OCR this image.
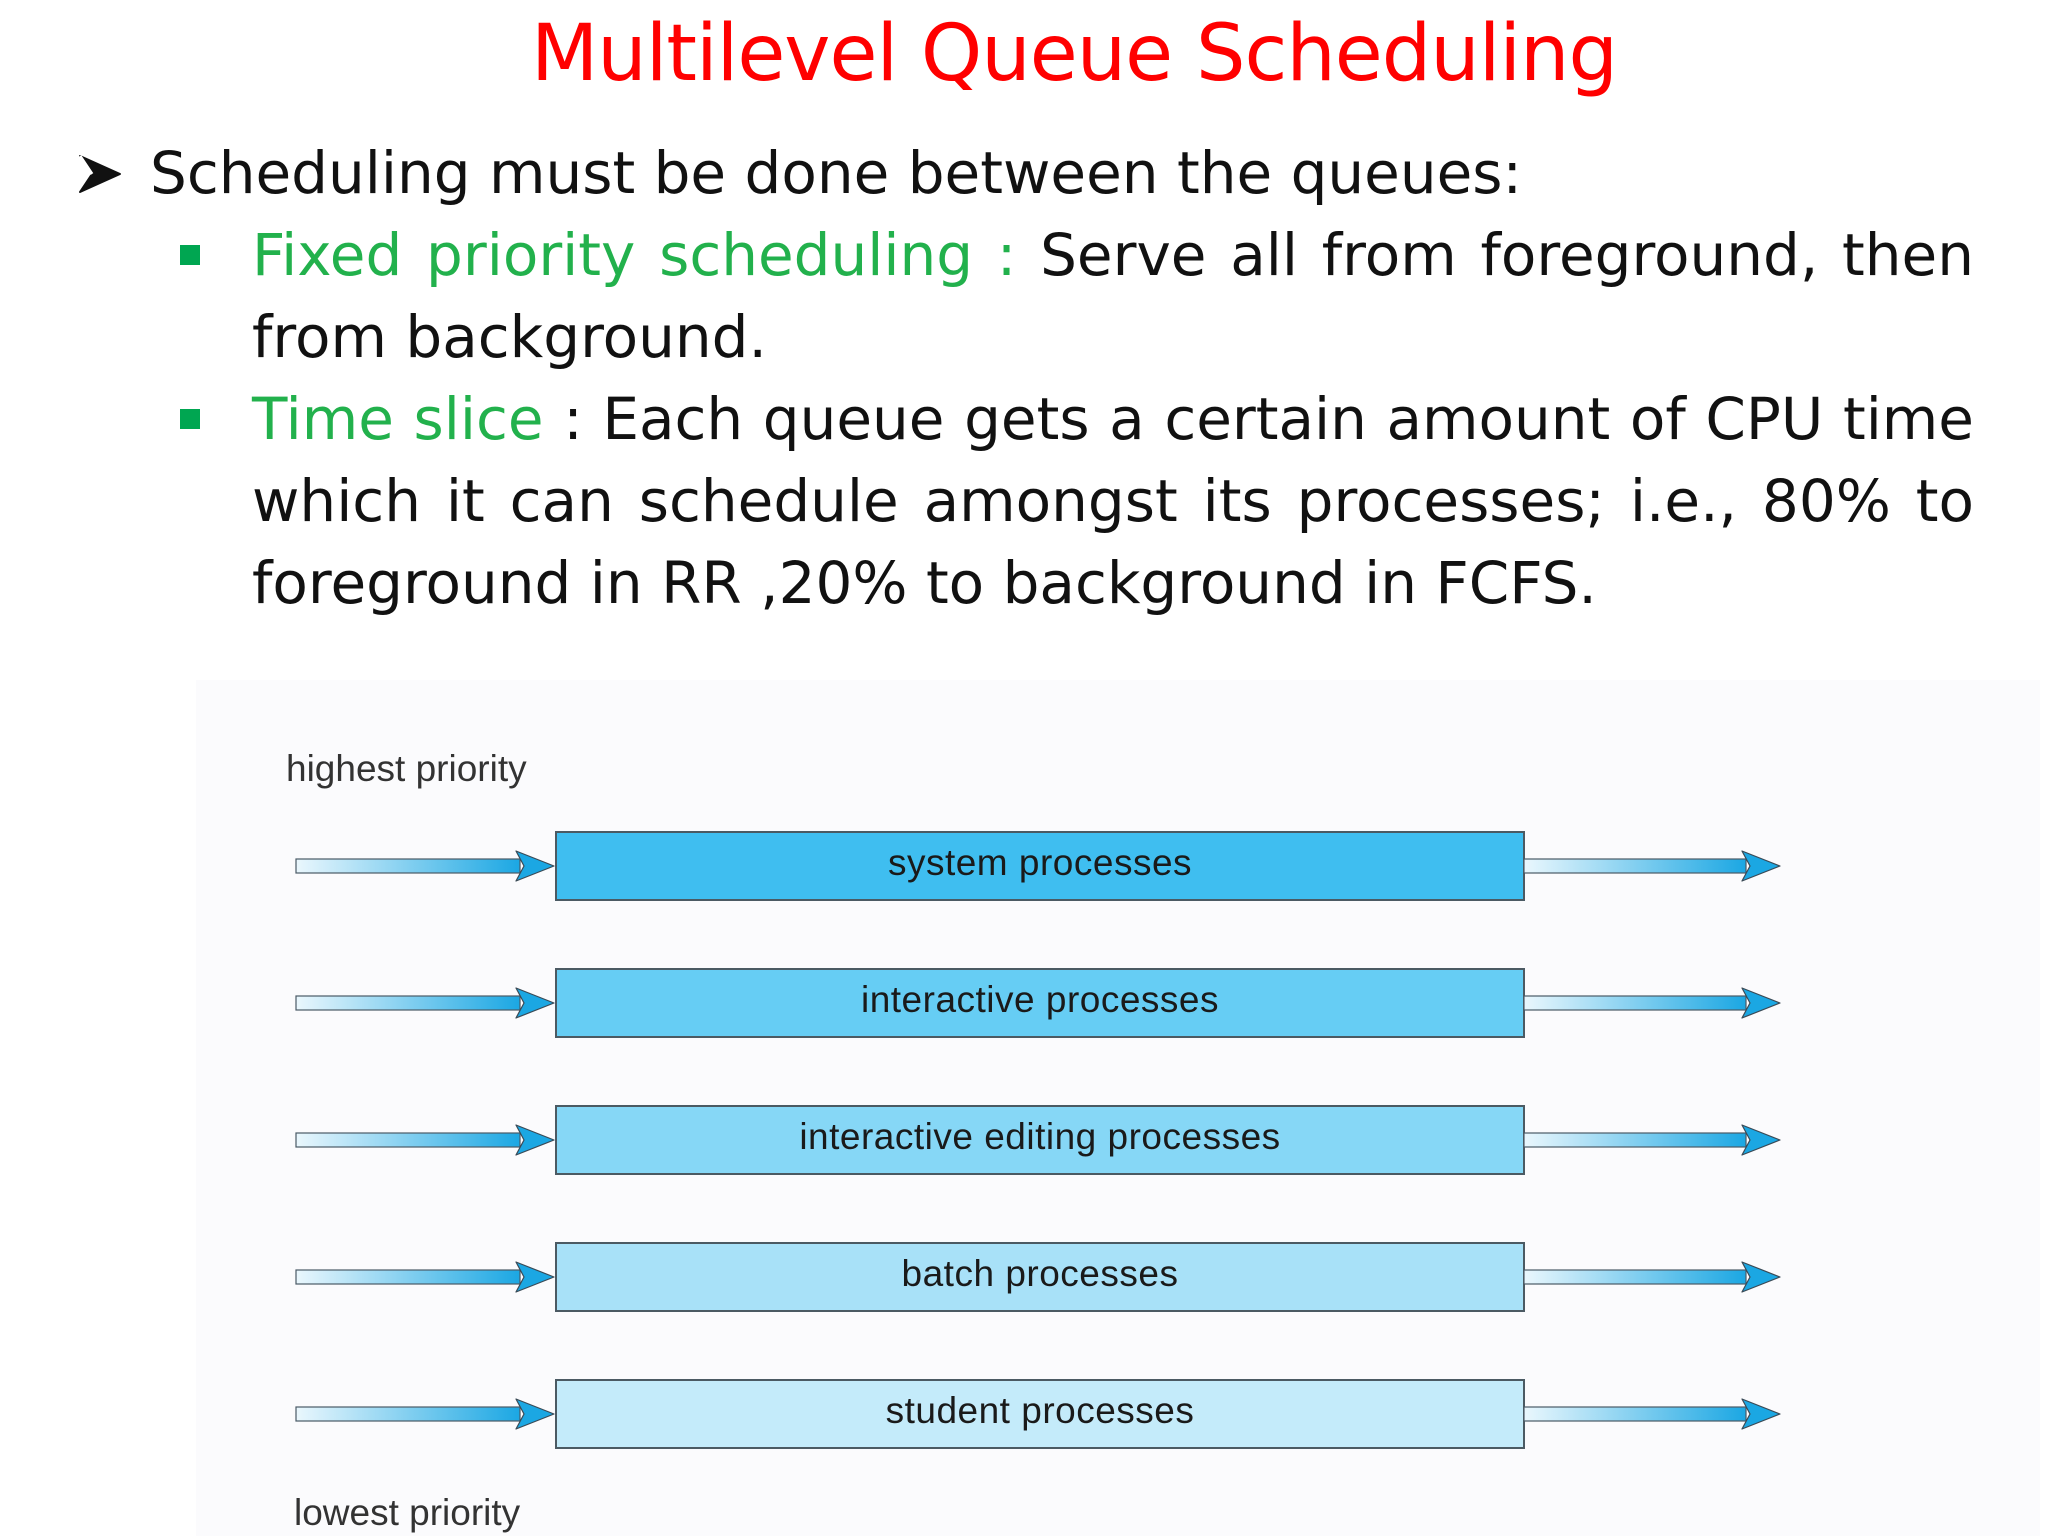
Multilevel Queue Scheduling
Scheduling must be done between the queues:
Fixed priority scheduling : Serve all from foreground, then from background.
Time slice : Each queue gets a certain amount of CPU time which it can schedule amongst its processes; i.e., 80% to foreground in RR ,20% to background in FCFS.
highest priority
lowest priority
system processes
interactive processes
interactive editing processes
batch processes
student processes
